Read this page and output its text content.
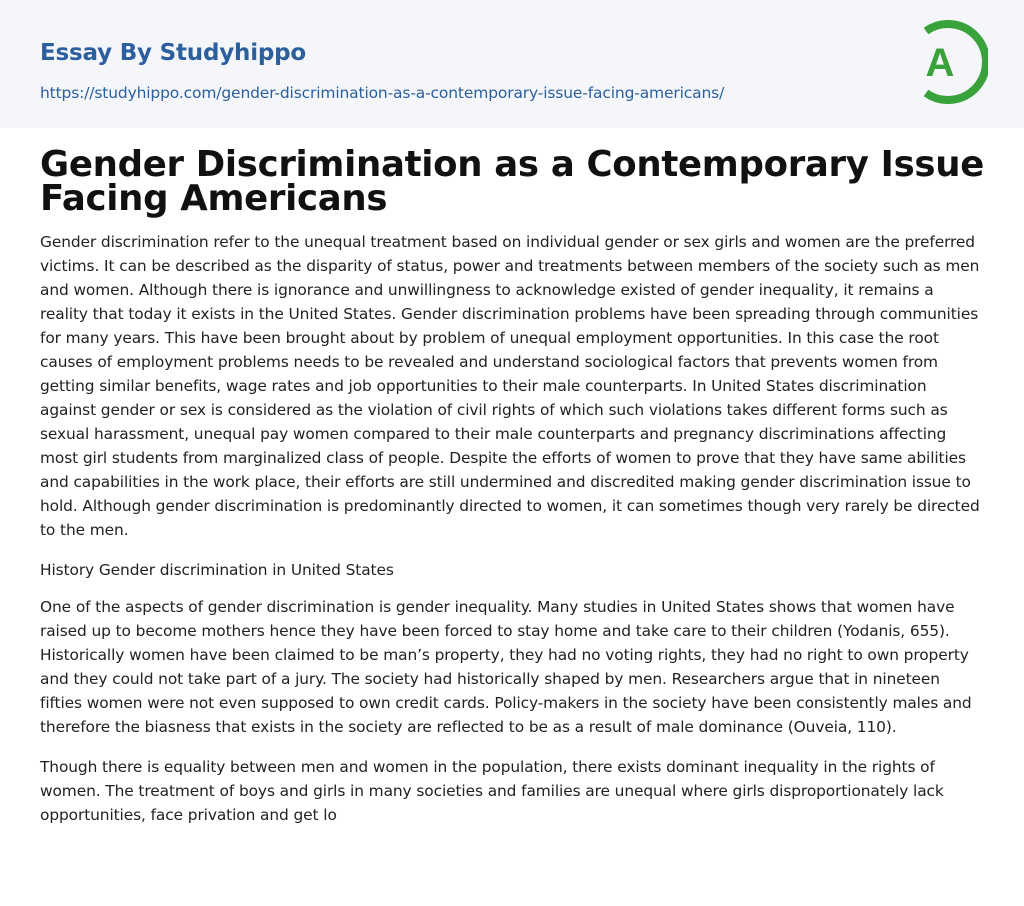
Essay By Studyhippo
https://studyhippo.com/gender-discrimination-as-a-contemporary-issue-facing-americans/
A
Gender Discrimination as a Contemporary Issue Facing Americans

Gender discrimination refer to the unequal treatment based on individual gender or sex girls and women are the preferred victims. It can be described as the disparity of status, power and treatments between members of the society such as men and women. Although there is ignorance and unwillingness to acknowledge existed of gender inequality, it remains a reality that today it exists in the United States. Gender discrimination problems have been spreading through communities for many years. This have been brought about by problem of unequal employment opportunities. In this case the root causes of employment problems needs to be revealed and understand sociological factors that prevents women from getting similar benefits, wage rates and job opportunities to their male counterparts. In United States discrimination against gender or sex is considered as the violation of civil rights of which such violations takes different forms such as sexual harassment, unequal pay women compared to their male counterparts and pregnancy discriminations affecting most girl students from marginalized class of people. Despite the efforts of women to prove that they have same abilities and capabilities in the work place, their efforts are still undermined and discredited making gender discrimination issue to hold. Although gender discrimination is predominantly directed to women, it can sometimes though very rarely be directed to the men.

History Gender discrimination in United States

One of the aspects of gender discrimination is gender inequality. Many studies in United States shows that women have raised up to become mothers hence they have been forced to stay home and take care to their children (Yodanis, 655). Historically women have been claimed to be man’s property, they had no voting rights, they had no right to own property and they could not take part of a jury. The society had historically shaped by men. Researchers argue that in nineteen fifties women were not even supposed to own credit cards. Policy-makers in the society have been consistently males and therefore the biasness that exists in the society are reflected to be as a result of male dominance (Ouveia, 110).

Though there is equality between men and women in the population, there exists dominant inequality in the rights of women. The treatment of boys and girls in many societies and families are unequal where girls disproportionately lack opportunities, face privation and get lo
